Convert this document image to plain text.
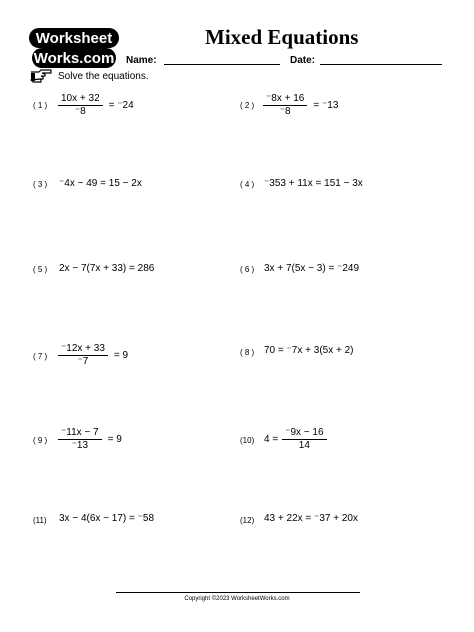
Worksheet
Works.com
Mixed Equations
Name:	Date:
Solve the equations.
( 1 ) $\frac{10x + 32}{^-8} = ^-24$	( 2 ) $\frac{^-8x + 16}{^-8} = ^-13$
( 3 ) ⁻4x − 49 = 15 − 2x	( 4 ) ⁻353 + 11x = 151 − 3x
( 5 ) 2x − 7(7x + 33) = 286	( 6 ) 3x + 7(5x − 3) = ⁻249
( 7 ) $\frac{^-12x + 33}{^-7} = 9$	( 8 ) 70 = ⁻7x + 3(5x + 2)
( 9 ) $\frac{^-11x - 7}{^-13} = 9$	(10) $4 = \frac{^-9x - 16}{14}$
(11) 3x − 4(6x − 17) = ⁻58	(12) 43 + 22x = ⁻37 + 20x
Copyright ©2023 WorksheetWorks.com
